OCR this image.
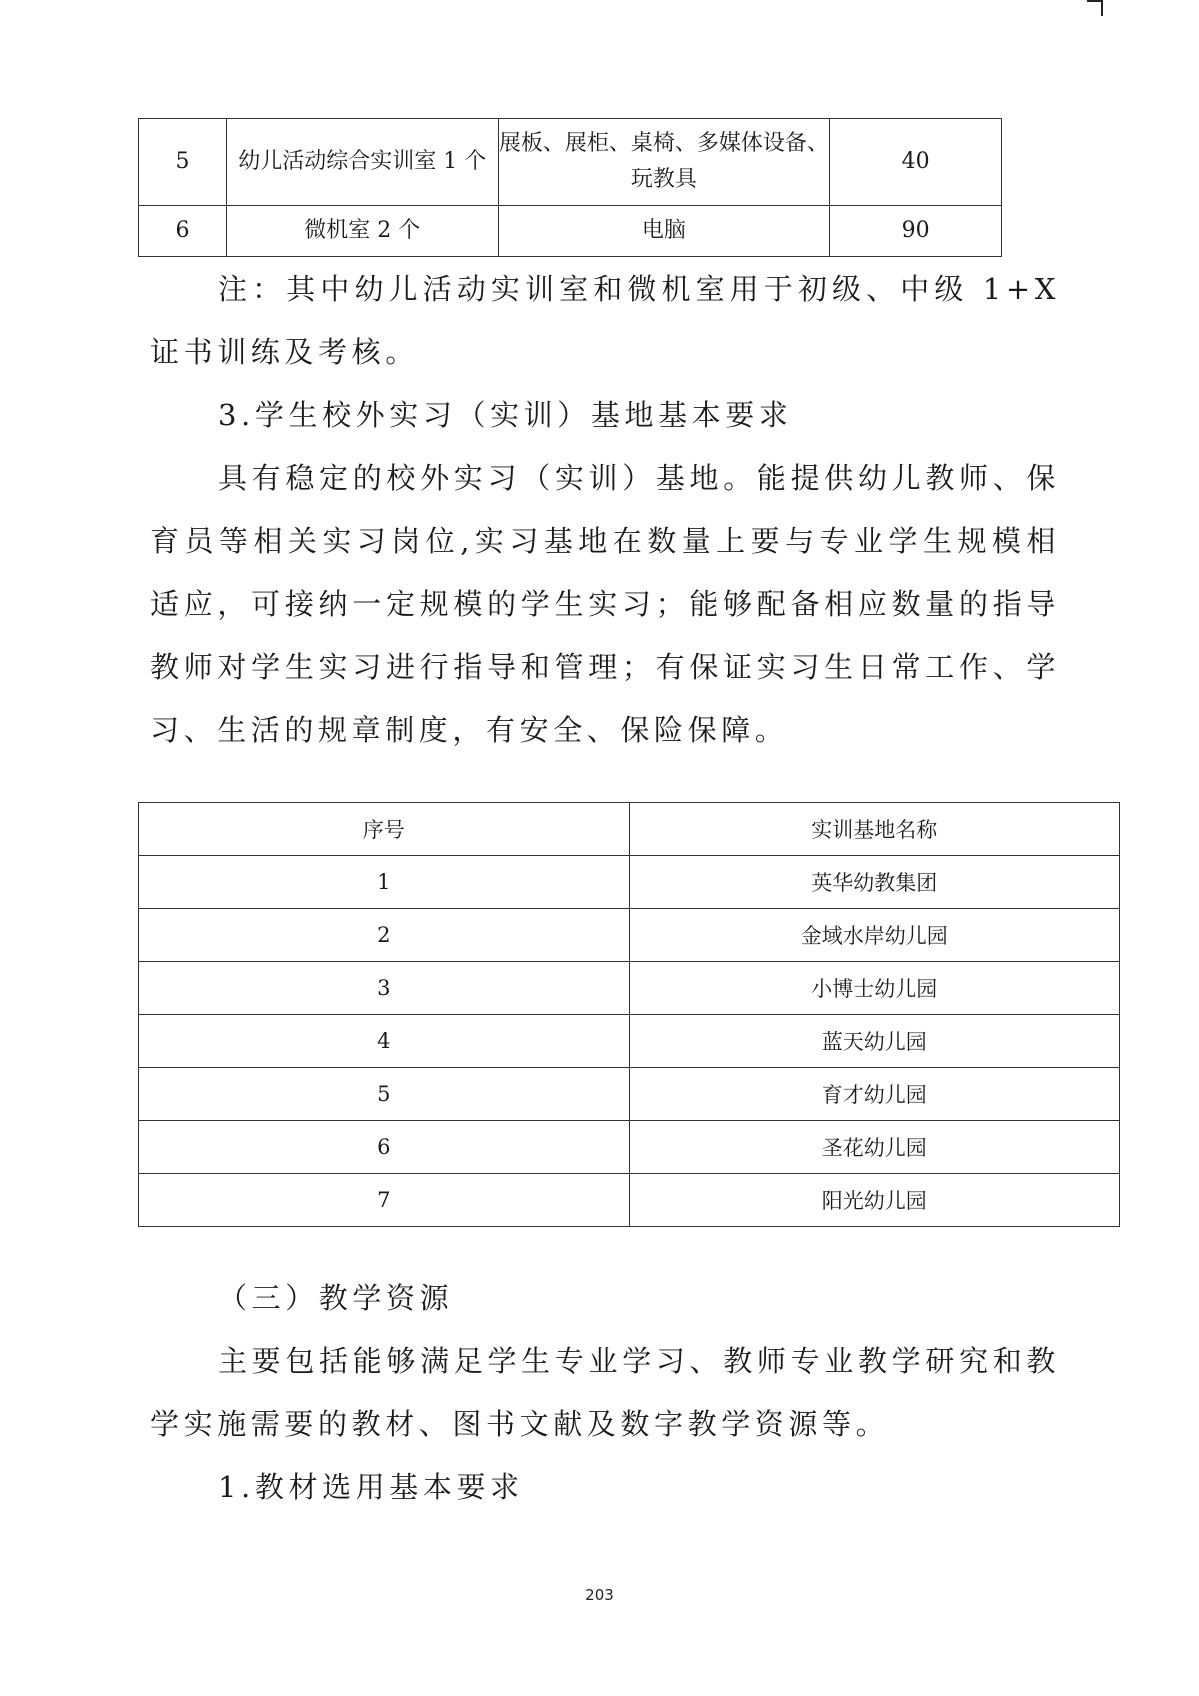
5	幼儿活动综合实训室 1 个	展板、展柜、桌椅、多媒体设备、
玩教具	40
6	微机室 2 个	电脑	90

注：其中幼儿活动实训室和微机室用于初级、中级 1+X 证书训练及考核。

3.学生校外实习（实训）基地基本要求

具有稳定的校外实习（实训）基地。能提供幼儿教师、保育员等相关实习岗位,实习基地在数量上要与专业学生规模相适应，可接纳一定规模的学生实习；能够配备相应数量的指导教师对学生实习进行指导和管理；有保证实习生日常工作、学习、生活的规章制度，有安全、保险保障。

序号	实训基地名称
1	英华幼教集团
2	金域水岸幼儿园
3	小博士幼儿园
4	蓝天幼儿园
5	育才幼儿园
6	圣花幼儿园
7	阳光幼儿园

（三）教学资源

主要包括能够满足学生专业学习、教师专业教学研究和教学实施需要的教材、图书文献及数字教学资源等。

1.教材选用基本要求

203
